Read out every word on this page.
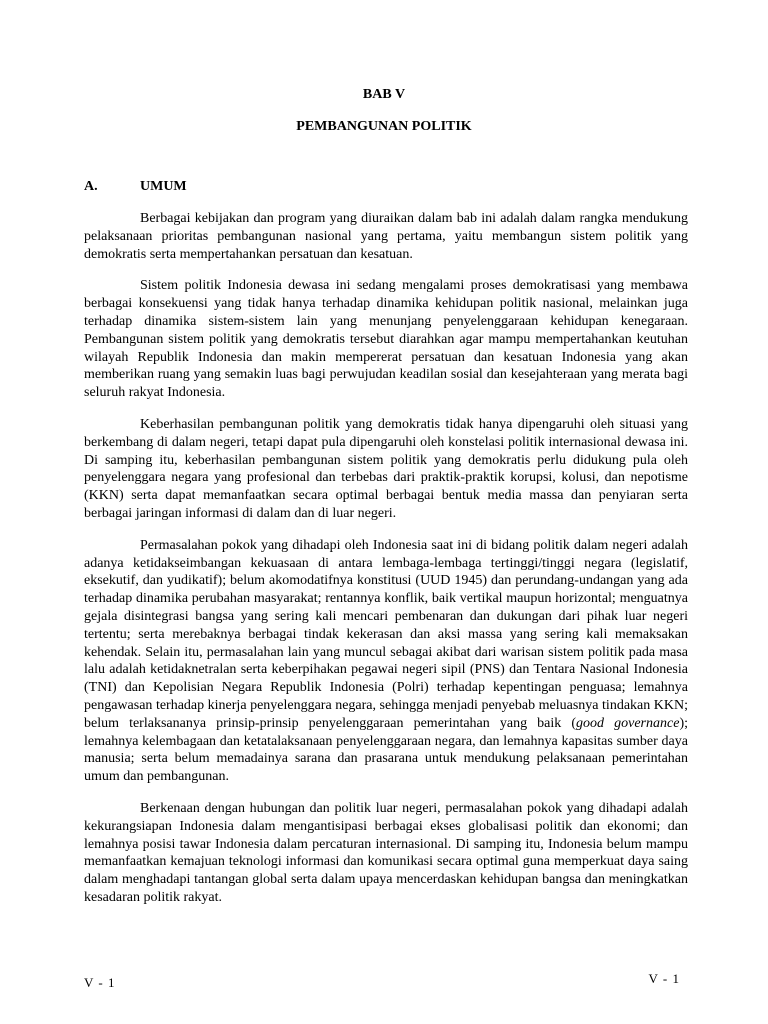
BAB V
PEMBANGUNAN POLITIK
A.	UMUM

Berbagai kebijakan dan program yang diuraikan dalam bab ini adalah dalam rangka mendukung pelaksanaan prioritas pembangunan nasional yang pertama, yaitu membangun sistem politik yang demokratis serta mempertahankan persatuan dan kesatuan.

Sistem politik Indonesia dewasa ini sedang mengalami proses demokratisasi yang membawa berbagai konsekuensi yang tidak hanya terhadap dinamika kehidupan politik nasional, melainkan juga terhadap dinamika sistem-sistem lain yang menunjang penyelenggaraan kehidupan kenegaraan. Pembangunan sistem politik yang demokratis tersebut diarahkan agar mampu mempertahankan keutuhan wilayah Republik Indonesia dan makin mempererat persatuan dan kesatuan Indonesia yang akan memberikan ruang yang semakin luas bagi perwujudan keadilan sosial dan kesejahteraan yang merata bagi seluruh rakyat Indonesia.

Keberhasilan pembangunan politik yang demokratis tidak hanya dipengaruhi oleh situasi yang berkembang di dalam negeri, tetapi dapat pula dipengaruhi oleh konstelasi politik internasional dewasa ini. Di samping itu, keberhasilan pembangunan sistem politik yang demokratis perlu didukung pula oleh penyelenggara negara yang profesional dan terbebas dari praktik-praktik korupsi, kolusi, dan nepotisme (KKN) serta dapat memanfaatkan secara optimal berbagai bentuk media massa dan penyiaran serta berbagai jaringan informasi di dalam dan di luar negeri.

Permasalahan pokok yang dihadapi oleh Indonesia saat ini di bidang politik dalam negeri adalah adanya ketidakseimbangan kekuasaan di antara lembaga-lembaga tertinggi/tinggi negara (legislatif, eksekutif, dan yudikatif); belum akomodatifnya konstitusi (UUD 1945) dan perundang-undangan yang ada terhadap dinamika perubahan masyarakat; rentannya konflik, baik vertikal maupun horizontal; menguatnya gejala disintegrasi bangsa yang sering kali mencari pembenaran dan dukungan dari pihak luar negeri tertentu; serta merebaknya berbagai tindak kekerasan dan aksi massa yang sering kali memaksakan kehendak. Selain itu, permasalahan lain yang muncul sebagai akibat dari warisan sistem politik pada masa lalu adalah ketidaknetralan serta keberpihakan pegawai negeri sipil (PNS) dan Tentara Nasional Indonesia (TNI) dan Kepolisian Negara Republik Indonesia (Polri) terhadap kepentingan penguasa; lemahnya pengawasan terhadap kinerja penyelenggara negara, sehingga menjadi penyebab meluasnya tindakan KKN; belum terlaksananya prinsip-prinsip penyelenggaraan pemerintahan yang baik (good governance); lemahnya kelembagaan dan ketatalaksanaan penyelenggaraan negara, dan lemahnya kapasitas sumber daya manusia; serta belum memadainya sarana dan prasarana untuk mendukung pelaksanaan pemerintahan umum dan pembangunan.

Berkenaan dengan hubungan dan politik luar negeri, permasalahan pokok yang dihadapi adalah kekurangsiapan Indonesia dalam mengantisipasi berbagai ekses globalisasi politik dan ekonomi; dan lemahnya posisi tawar Indonesia dalam percaturan internasional. Di samping itu, Indonesia belum mampu memanfaatkan kemajuan teknologi informasi dan komunikasi secara optimal guna memperkuat daya saing dalam menghadapi tantangan global serta dalam upaya mencerdaskan kehidupan bangsa dan meningkatkan kesadaran politik rakyat.

V - 1	V - 1
